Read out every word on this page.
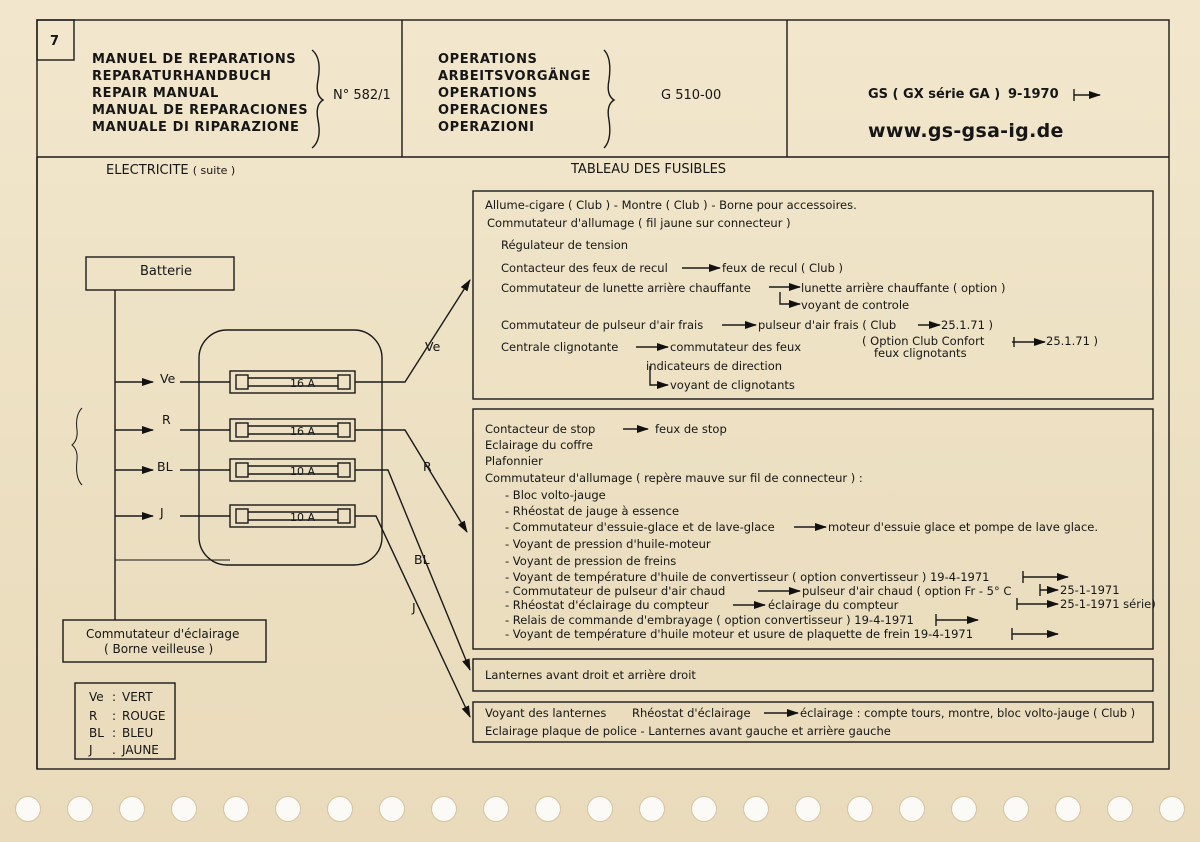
7
MANUEL DE REPARATIONS
REPARATURHANDBUCH
REPAIR MANUAL
MANUAL DE REPARACIONES
MANUALE DI RIPARAZIONE
N° 582/1
OPERATIONS
ARBEITSVORGÄNGE
OPERATIONS
OPERACIONES
OPERAZIONI
G 510-00	GS ( GX série GA ) 9-1970
www.gs-gsa-ig.de
ELECTRICITE ( suite )	TABLEAU DES FUSIBLES
Batterie
Ve
R
BL
J
16 A
16 A
10 A
10 A
Ve
R
BL
J
Commutateur d'éclairage
( Borne veilleuse )
Ve : VERT
R : ROUGE
BL : BLEU
J . JAUNE
Allume-cigare ( Club ) - Montre ( Club ) - Borne pour accessoires.
Commutateur d'allumage ( fil jaune sur connecteur )
Régulateur de tension
Contacteur des feux de recul	feux de recul ( Club )
Commutateur de lunette arrière chauffante	lunette arrière chauffante ( option )
voyant de controle
Commutateur de pulseur d'air frais	pulseur d'air frais ( Club	25.1.71 )
Centrale clignotante	commutateur des feux
indicateurs de direction
( Option Club Confort	25.1.71 )
feux clignotants
voyant de clignotants
Contacteur de stop	feux de stop
Eclairage du coffre
Plafonnier
Commutateur d'allumage ( repère mauve sur fil de connecteur ) :
- Bloc volto-jauge
- Rhéostat de jauge à essence
- Commutateur d'essuie-glace et de lave-glace	moteur d'essuie glace et pompe de lave glace.
- Voyant de pression d'huile-moteur
- Voyant de pression de freins
- Voyant de température d'huile de convertisseur ( option convertisseur ) 19-4-1971
- Commutateur de pulseur d'air chaud	pulseur d'air chaud ( option Fr - 5° C	25-1-1971
- Rhéostat d'éclairage du compteur	éclairage du compteur	25-1-1971 série)
- Relais de commande d'embrayage ( option convertisseur ) 19-4-1971
- Voyant de température d'huile moteur et usure de plaquette de frein 19-4-1971
Lanternes avant droit et arrière droit
Voyant des lanternes Rhéostat d'éclairage	éclairage : compte tours, montre, bloc volto-jauge ( Club )
Eclairage plaque de police - Lanternes avant gauche et arrière gauche
